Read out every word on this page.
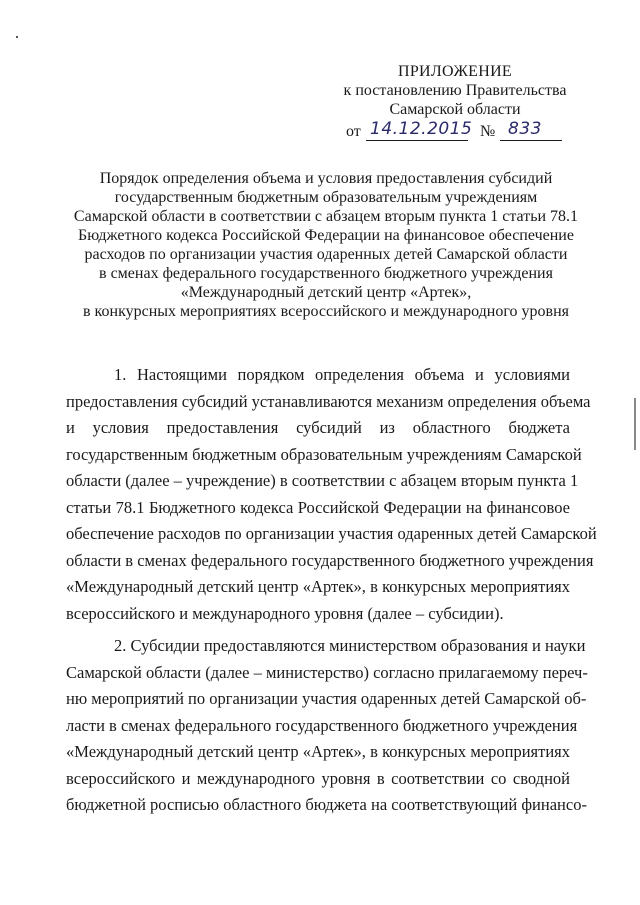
ПРИЛОЖЕНИЕ
к постановлению Правительства
Самарской области
от 14.12.2015 № 833
Порядок определения объема и условия предоставления субсидий
государственным бюджетным образовательным учреждениям
Самарской области в соответствии с абзацем вторым пункта 1 статьи 78.1
Бюджетного кодекса Российской Федерации на финансовое обеспечение
расходов по организации участия одаренных детей Самарской области
в сменах федерального государственного бюджетного учреждения
«Международный детский центр «Артек»,
в конкурсных мероприятиях всероссийского и международного уровня
1. Настоящими порядком определения объема и условиями
предоставления субсидий устанавливаются механизм определения объема
и условия предоставления субсидий из областного бюджета
государственным бюджетным образовательным учреждениям Самарской
области (далее – учреждение) в соответствии с абзацем вторым пункта 1
статьи 78.1 Бюджетного кодекса Российской Федерации на финансовое
обеспечение расходов по организации участия одаренных детей Самарской
области в сменах федерального государственного бюджетного учреждения
«Международный детский центр «Артек», в конкурсных мероприятиях
всероссийского и международного уровня (далее – субсидии).
2. Субсидии предоставляются министерством образования и науки
Самарской области (далее – министерство) согласно прилагаемому переч-
ню мероприятий по организации участия одаренных детей Самарской об-
ласти в сменах федерального государственного бюджетного учреждения
«Международный детский центр «Артек», в конкурсных мероприятиях
всероссийского и международного уровня в соответствии со сводной
бюджетной росписью областного бюджета на соответствующий финансо-
